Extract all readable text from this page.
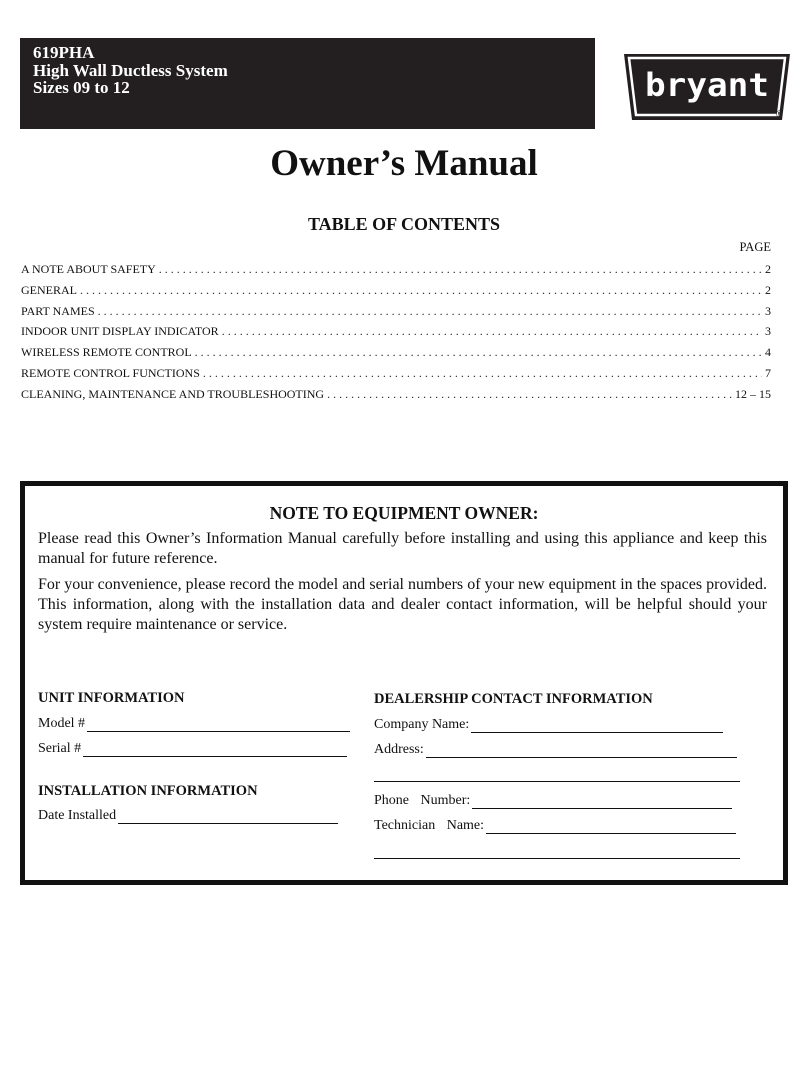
619PHA
High Wall Ductless System
Sizes 09 to 12	bryant
®
Owner’s Manual
TABLE OF CONTENTS
PAGE
A NOTE ABOUT SAFETY . . .	2
GENERAL . . .	2
PART NAMES . . .	3
INDOOR UNIT DISPLAY INDICATOR . . .	3
WIRELESS REMOTE CONTROL . . .	4
REMOTE CONTROL FUNCTIONS . . .	7
CLEANING, MAINTENANCE AND TROUBLESHOOTING . . .	12 – 15
NOTE TO EQUIPMENT OWNER:

Please read this Owner’s Information Manual carefully before installing and using this appliance and keep this manual for future reference.

For your convenience, please record the model and serial numbers of your new equipment in the spaces provided. This information, along with the installation data and dealer contact information, will be helpful should your system require maintenance or service.

UNIT INFORMATION
Model #
Serial #
INSTALLATION INFORMATION
Date Installed
DEALERSHIP CONTACT INFORMATION
Company Name:
Address:
Phone Number:
Technician Name:
